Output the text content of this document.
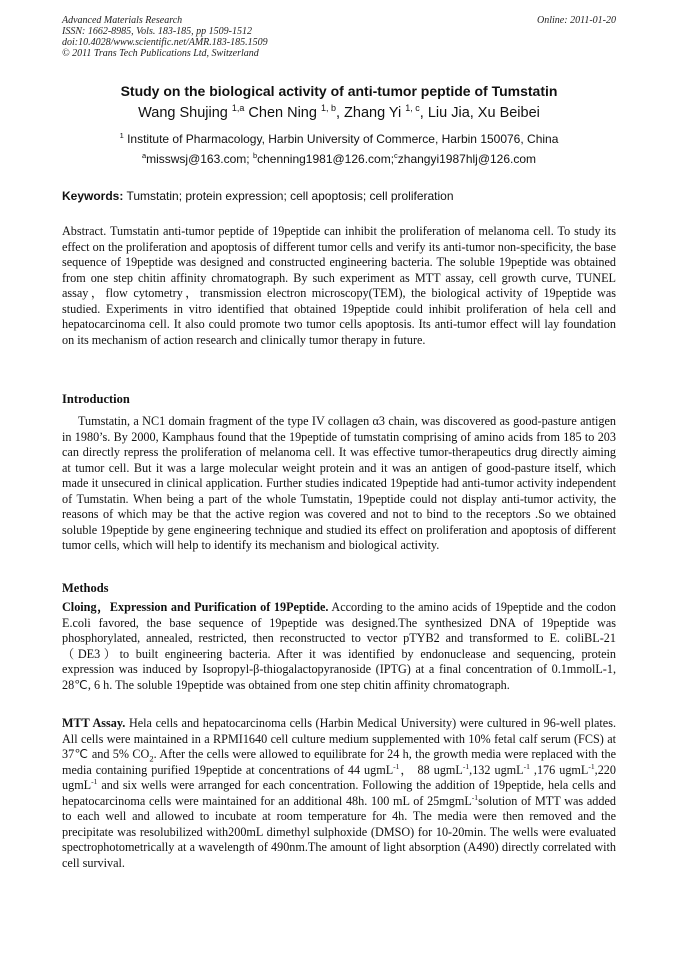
Advanced Materials Research
ISSN: 1662-8985, Vols. 183-185, pp 1509-1512
doi:10.4028/www.scientific.net/AMR.183-185.1509
© 2011 Trans Tech Publications Ltd, Switzerland
Online: 2011-01-20
Study on the biological activity of anti-tumor peptide of Tumstatin
Wang Shujing $^{1,a}$ Chen Ning $^{1, b}$, Zhang Yi $^{1, c}$, Liu Jia, Xu Beibei
$^1$ Institute of Pharmacology, Harbin University of Commerce, Harbin 150076, China
$^a$misswsj@163.com; $^b$chenning1981@126.com;$^c$zhangyi1987hlj@126.com
Keywords: Tumstatin; protein expression; cell apoptosis; cell proliferation
Abstract. Tumstatin anti-tumor peptide of 19peptide can inhibit the proliferation of melanoma cell. To study its effect on the proliferation and apoptosis of different tumor cells and verify its anti-tumor non-specificity, the base sequence of 19peptide was designed and constructed engineering bacteria. The soluble 19peptide was obtained from one step chitin affinity chromatograph. By such experiment as MTT assay, cell growth curve, TUNEL assay，flow cytometry，transmission electron microscopy(TEM), the biological activity of 19peptide was studied. Experiments in vitro identified that obtained 19peptide could inhibit proliferation of hela cell and hepatocarcinoma cell. It also could promote two tumor cells apoptosis. Its anti-tumor effect will lay foundation on its mechanism of action research and clinically tumor therapy in future.
Introduction
Tumstatin, a NC1 domain fragment of the type IV collagen α3 chain, was discovered as good-pasture antigen in 1980’s. By 2000, Kamphaus found that the 19peptide of tumstatin comprising of amino acids from 185 to 203 can directly repress the proliferation of melanoma cell. It was effective tumor-therapeutics drug directly aiming at tumor cell. But it was a large molecular weight protein and it was an antigen of good-pasture itself, which made it unsecured in clinical application. Further studies indicated 19peptide had anti-tumor activity independent of Tumstatin. When being a part of the whole Tumstatin, 19peptide could not display anti-tumor activity, the reasons of which may be that the active region was covered and not to bind to the receptors .So we obtained soluble 19peptide by gene engineering technique and studied its effect on proliferation and apoptosis of different tumor cells, which will help to identify its mechanism and biological activity.
Methods
Cloing，Expression and Purification of 19Peptide. According to the amino acids of 19peptide and the codon E.coli favored, the base sequence of 19peptide was designed.The synthesized DNA of 19peptide was phosphorylated, annealed, restricted, then reconstructed to vector pTYB2 and transformed to E. coliBL-21（DE3）to built engineering bacteria. After it was identified by endonuclease and sequencing, protein expression was induced by Isopropyl-β-thiogalactopyranoside (IPTG) at a final concentration of 0.1mmolL-1, 28℃, 6 h. The soluble 19peptide was obtained from one step chitin affinity chromatograph.
MTT Assay. Hela cells and hepatocarcinoma cells (Harbin Medical University) were cultured in 96-well plates. All cells were maintained in a RPMI1640 cell culture medium supplemented with 10% fetal calf serum (FCS) at 37℃ and 5% $CO_2$. After the cells were allowed to equilibrate for 24 h, the growth media were replaced with the media containing purified 19peptide at concentrations of 44 ugmL$^{-1}$， 88 ugmL$^{-1}$,132 ugmL$^{-1}$ ,176 ugmL$^{-1}$,220 ugmL$^{-1}$ and six wells were arranged for each concentration. Following the addition of 19peptide, hela cells and hepatocarcinoma cells were maintained for an additional 48h. 100 mL of 25mgmL$^{-1}$solution of MTT was added to each well and allowed to incubate at room temperature for 4h. The media were then removed and the precipitate was resolubilized with200mL dimethyl sulphoxide (DMSO) for 10-20min. The wells were evaluated spectrophotometrically at a wavelength of 490nm.The amount of light absorption (A490) directly correlated with cell survival.
